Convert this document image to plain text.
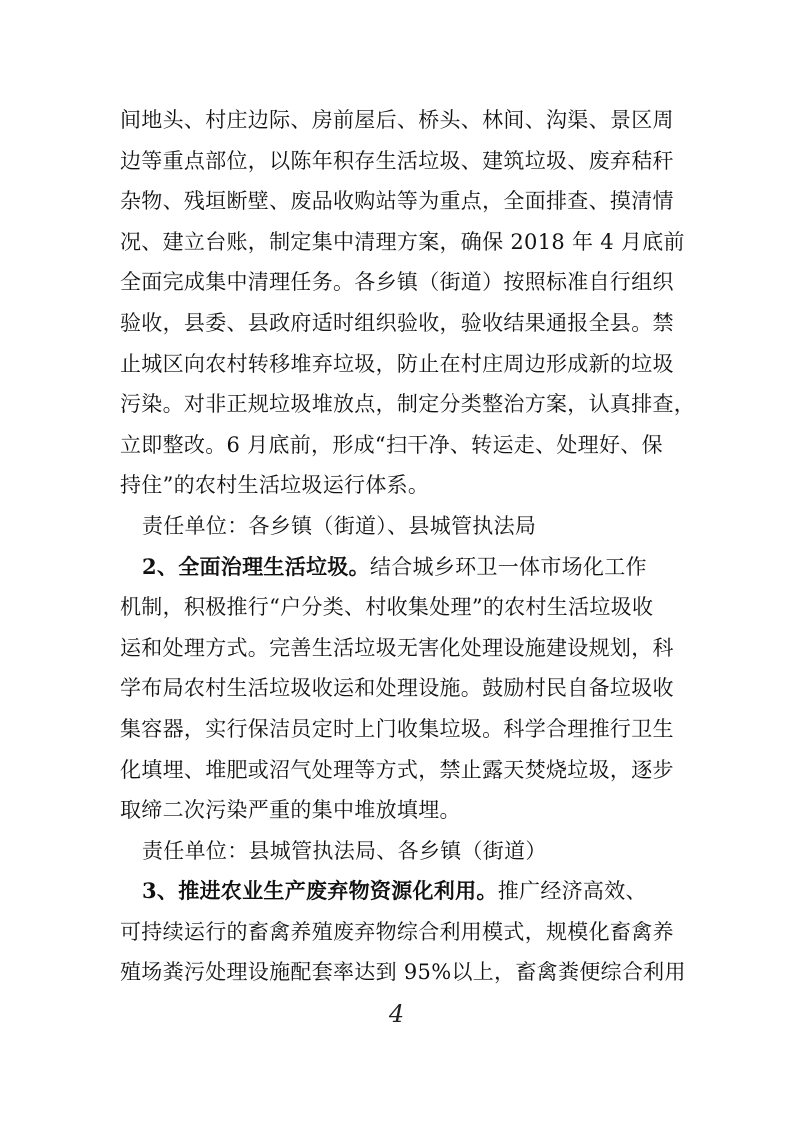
间地头、村庄边际、房前屋后、桥头、林间、沟渠、景区周
边等重点部位，以陈年积存生活垃圾、建筑垃圾、废弃秸秆
杂物、残垣断壁、废品收购站等为重点，全面排查、摸清情
况、建立台账，制定集中清理方案，确保 2018 年 4 月底前
全面完成集中清理任务。各乡镇（街道）按照标准自行组织
验收，县委、县政府适时组织验收，验收结果通报全县。禁
止城区向农村转移堆弃垃圾，防止在村庄周边形成新的垃圾
污染。对非正规垃圾堆放点，制定分类整治方案，认真排查，
立即整改。6 月底前，形成“扫干净、转运走、处理好、保
持住”的农村生活垃圾运行体系。
责任单位：各乡镇（街道）、县城管执法局
2、全面治理生活垃圾。结合城乡环卫一体市场化工作
机制，积极推行“户分类、村收集处理”的农村生活垃圾收
运和处理方式。完善生活垃圾无害化处理设施建设规划，科
学布局农村生活垃圾收运和处理设施。鼓励村民自备垃圾收
集容器，实行保洁员定时上门收集垃圾。科学合理推行卫生
化填埋、堆肥或沼气处理等方式，禁止露天焚烧垃圾，逐步
取缔二次污染严重的集中堆放填埋。
责任单位：县城管执法局、各乡镇（街道）
3、推进农业生产废弃物资源化利用。推广经济高效、
可持续运行的畜禽养殖废弃物综合利用模式，规模化畜禽养
殖场粪污处理设施配套率达到 95%以上，畜禽粪便综合利用
4
